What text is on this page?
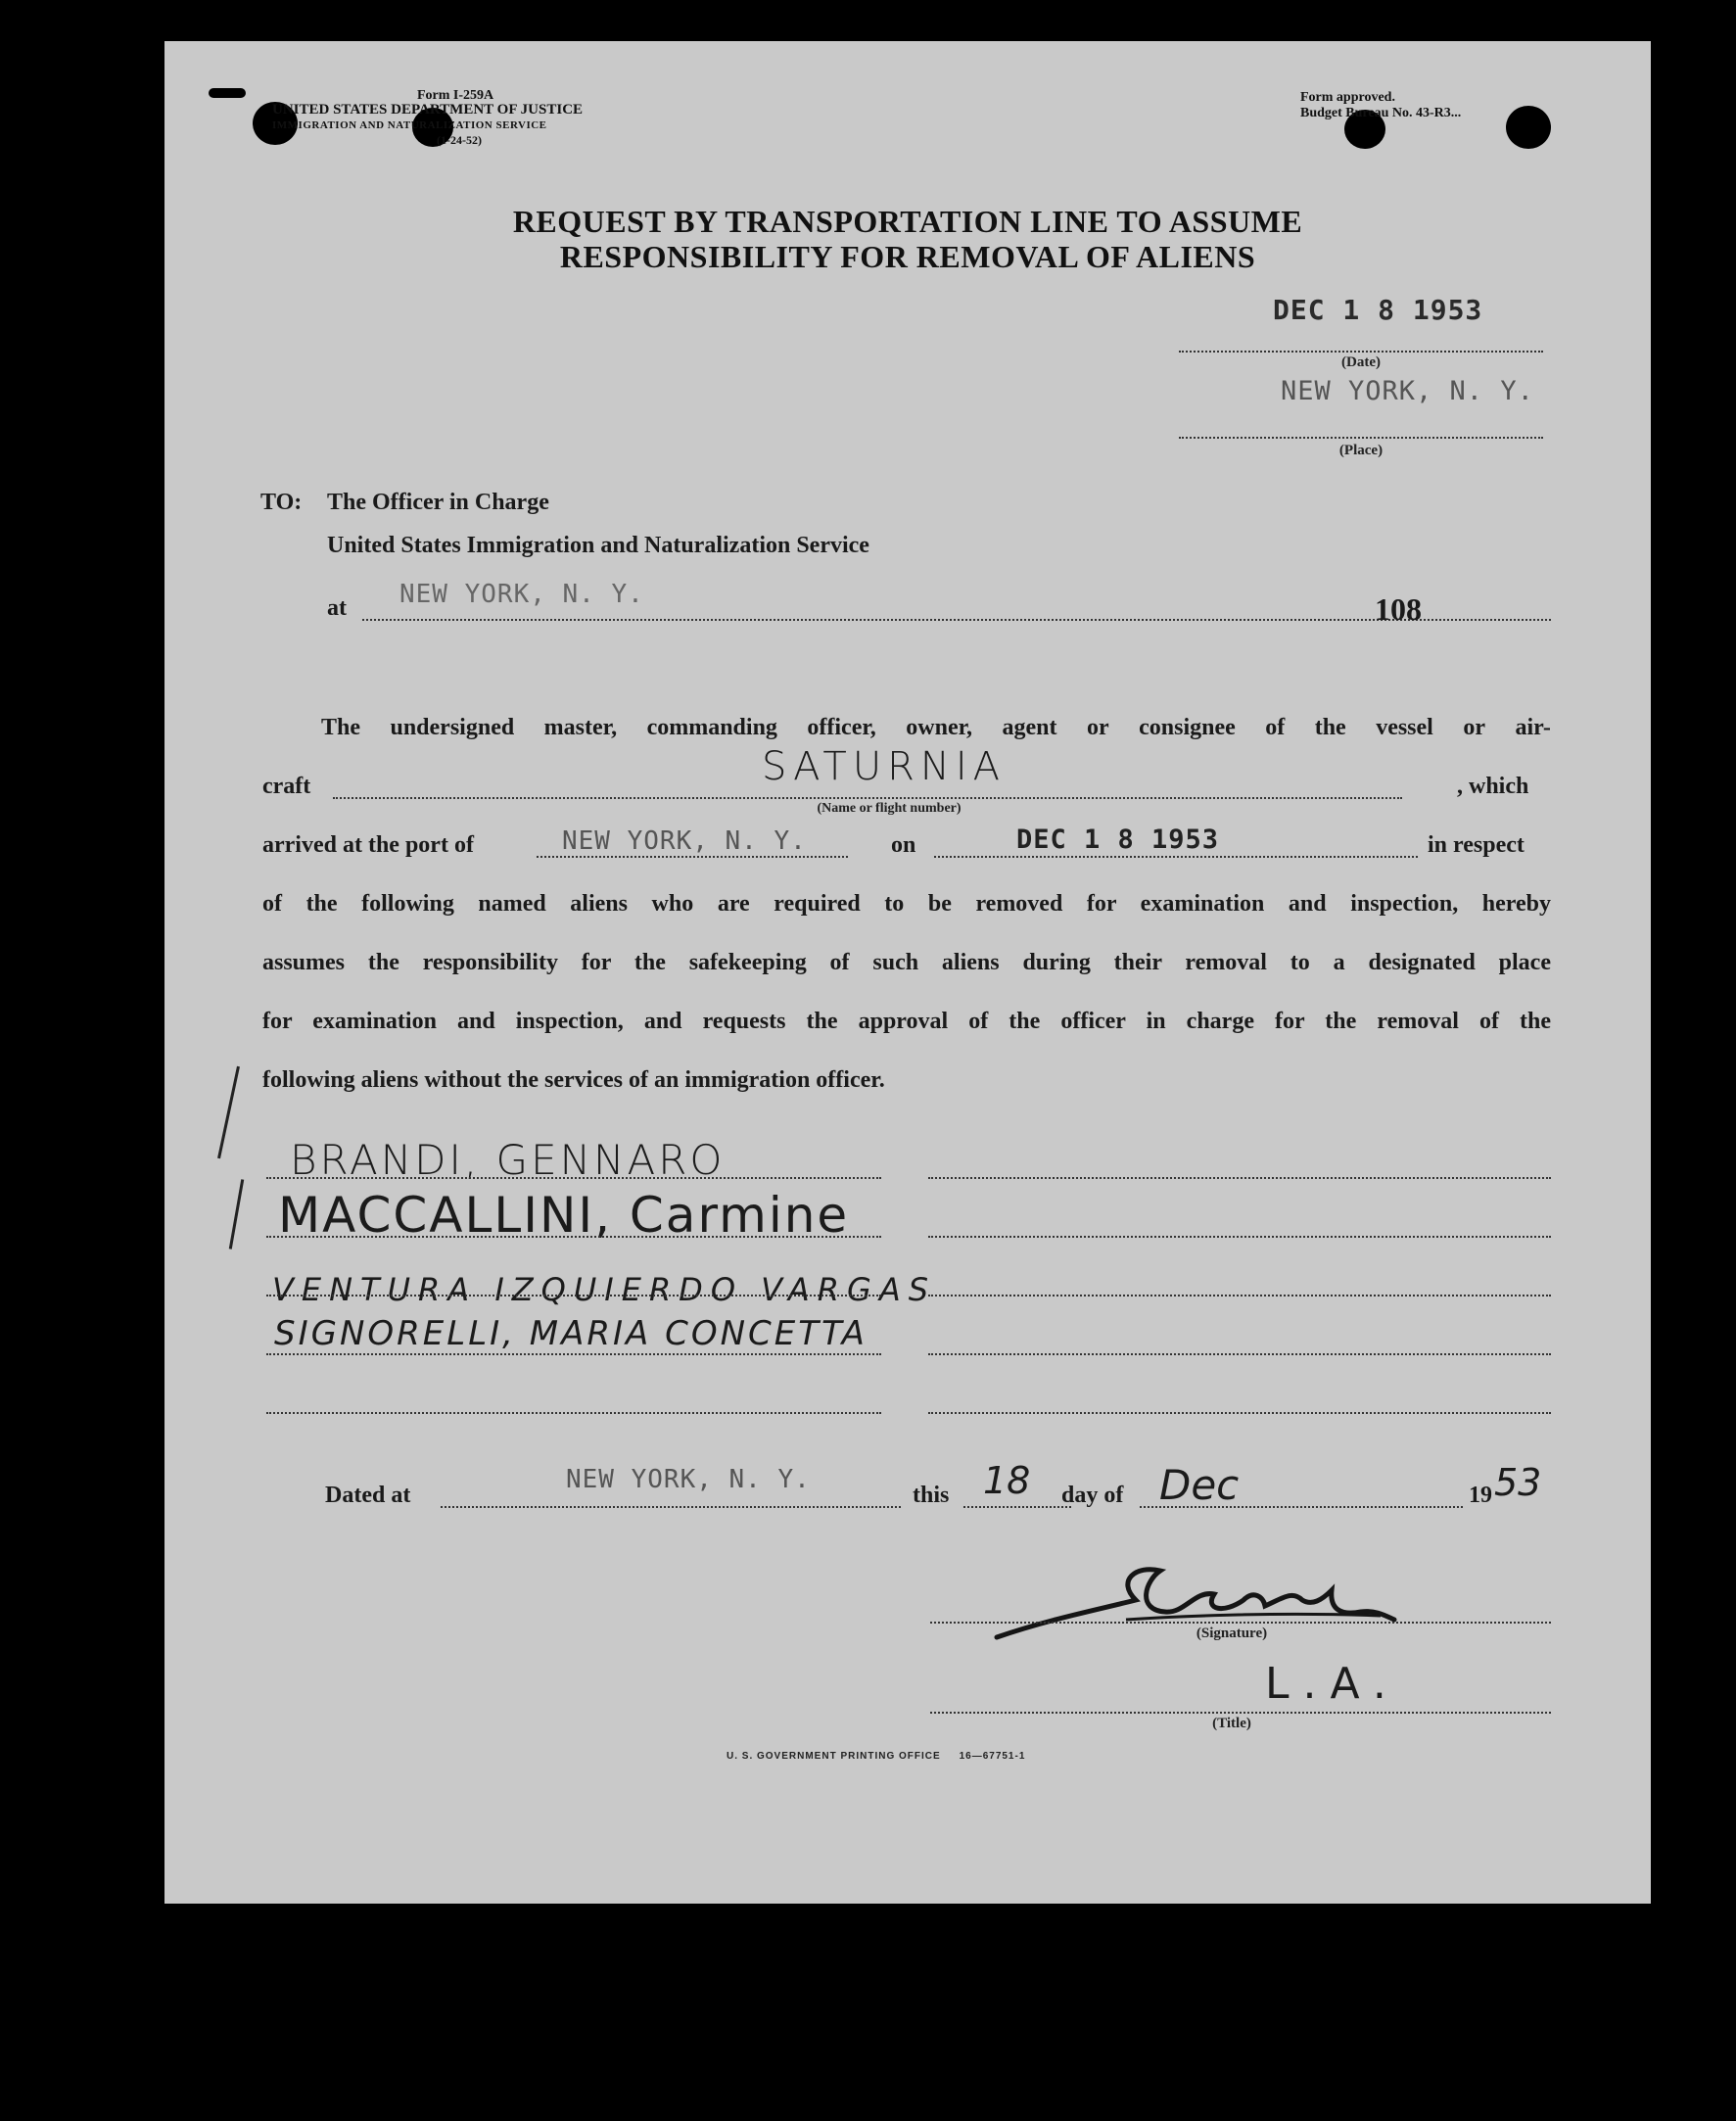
Form I-259A
UNITED STATES DEPARTMENT OF JUSTICE
IMMIGRATION AND NATURALIZATION SERVICE
(1-24-52)
Form approved.
Budget Bureau No. 43-R3...
REQUEST BY TRANSPORTATION LINE TO ASSUME
RESPONSIBILITY FOR REMOVAL OF ALIENS
DEC 1 8 1953
(Date)
NEW YORK, N. Y.
(Place)
TO: The Officer in Charge
United States Immigration and Naturalization Service
at NEW YORK, N. Y.	108
The undersigned master, commanding officer, owner, agent or consignee of the vessel or air-
craft	SATURNIA	, which
(Name or flight number)
arrived at the port of	NEW YORK, N. Y.	on	DEC 1 8 1953	in respect
of the following named aliens who are required to be removed for examination and inspection, hereby
assumes the responsibility for the safekeeping of such aliens during their removal to a designated place
for examination and inspection, and requests the approval of the officer in charge for the removal of the
following aliens without the services of an immigration officer.
BRANDI, GENNARO
MACCALLINI, Carmine
VENTURA IZQUIERDO VARGAS
SIGNORELLI, MARIA CONCETTA
Dated at
NEW YORK, N. Y.
this 18 day of Dec	19 53
(Signature)
L.A.
(Title)
U. S. GOVERNMENT PRINTING OFFICE     16—67751-1
